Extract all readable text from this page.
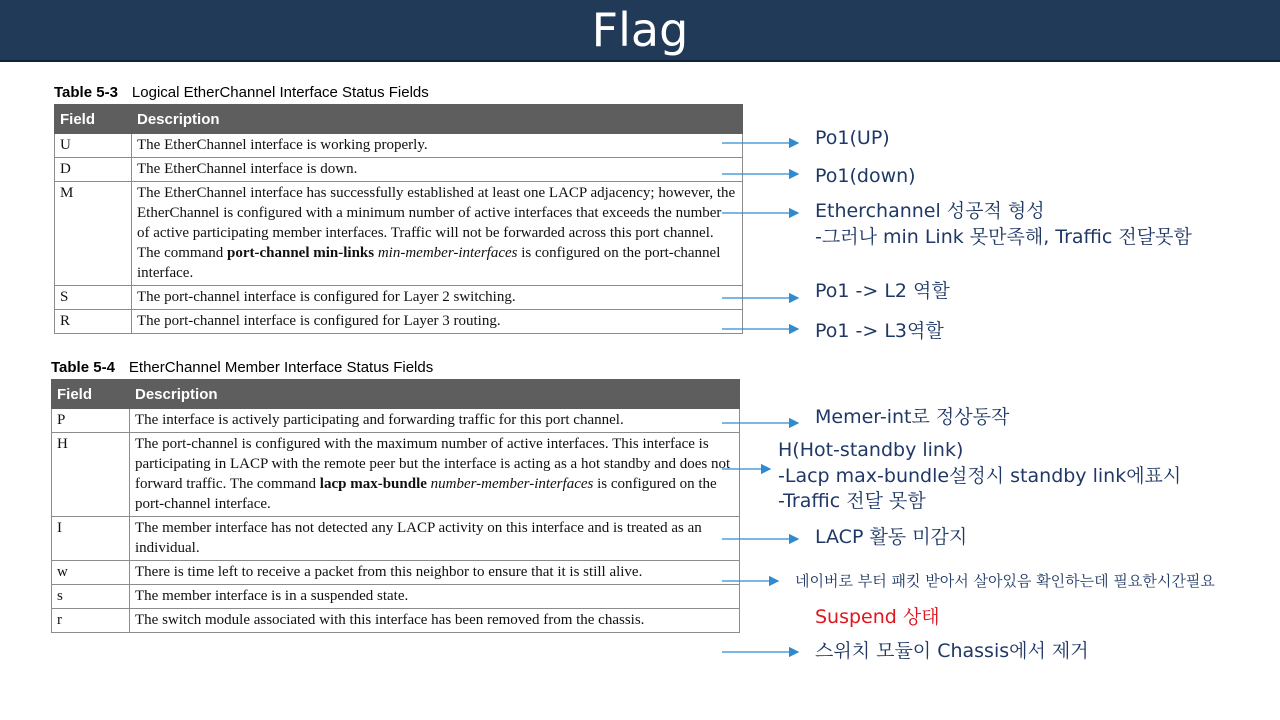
Flag
Table 5-3 Logical EtherChannel Interface Status Fields
Field	Description
U	The EtherChannel interface is working properly.
D	The EtherChannel interface is down.
M	The EtherChannel interface has successfully established at least one LACP adjacency; however, the EtherChannel is configured with a minimum number of active interfaces that exceeds the number of active participating member interfaces. Traffic will not be forwarded across this port channel. The command port-channel min-links min-member-interfaces is configured on the port-channel interface.
S	The port-channel interface is configured for Layer 2 switching.
R	The port-channel interface is configured for Layer 3 routing.
Table 5-4 EtherChannel Member Interface Status Fields
Field	Description
P	The interface is actively participating and forwarding traffic for this port channel.
H	The port-channel is configured with the maximum number of active interfaces. This interface is participating in LACP with the remote peer but the interface is acting as a hot standby and does not forward traffic. The command lacp max-bundle number-member-interfaces is configured on the port-channel interface.
I	The member interface has not detected any LACP activity on this interface and is treated as an individual.
w	There is time left to receive a packet from this neighbor to ensure that it is still alive.
s	The member interface is in a suspended state.
r	The switch module associated with this interface has been removed from the chassis.
Po1(UP)
Po1(down)
Etherchannel 성공적 형성
-그러나 min Link 못만족해, Traffic 전달못함
Po1 -> L2 역할
Po1 -> L3역할
Memer-int로 정상동작
H(Hot-standby link)
-Lacp max-bundle설정시 standby link에표시
-Traffic 전달 못함
LACP 활동 미감지
네이버로 부터 패킷 받아서 살아있음 확인하는데 필요한시간필요
Suspend 상태
스위치 모듈이 Chassis에서 제거
